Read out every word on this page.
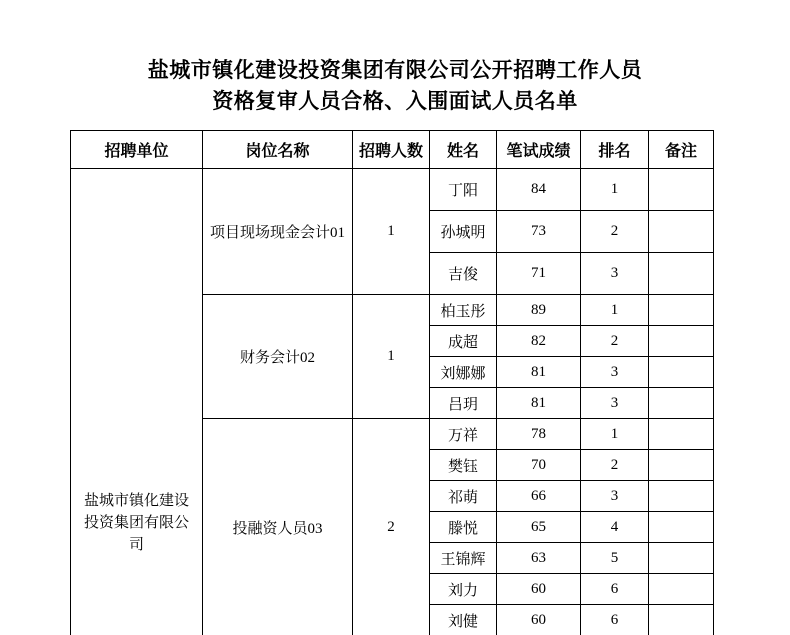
盐城市镇化建设投资集团有限公司公开招聘工作人员
资格复审人员合格、入围面试人员名单
招聘单位	岗位名称	招聘人数	姓名	笔试成绩	排名	备注

盐城市镇化建设投资集团有限公司	项目现场现金会计01	1	丁阳	84	1	
			孙城明	73	2	
			吉俊	71	3	
	财务会计02	1	柏玉彤	89	1	
			成超	82	2	
			刘娜娜	81	3	
			吕玥	81	3	
	投融资人员03	2	万祥	78	1	
			樊钰	70	2	
			祁萌	66	3	
			滕悦	65	4	
			王锦辉	63	5	
			刘力	60	6	
			刘健	60	6	
